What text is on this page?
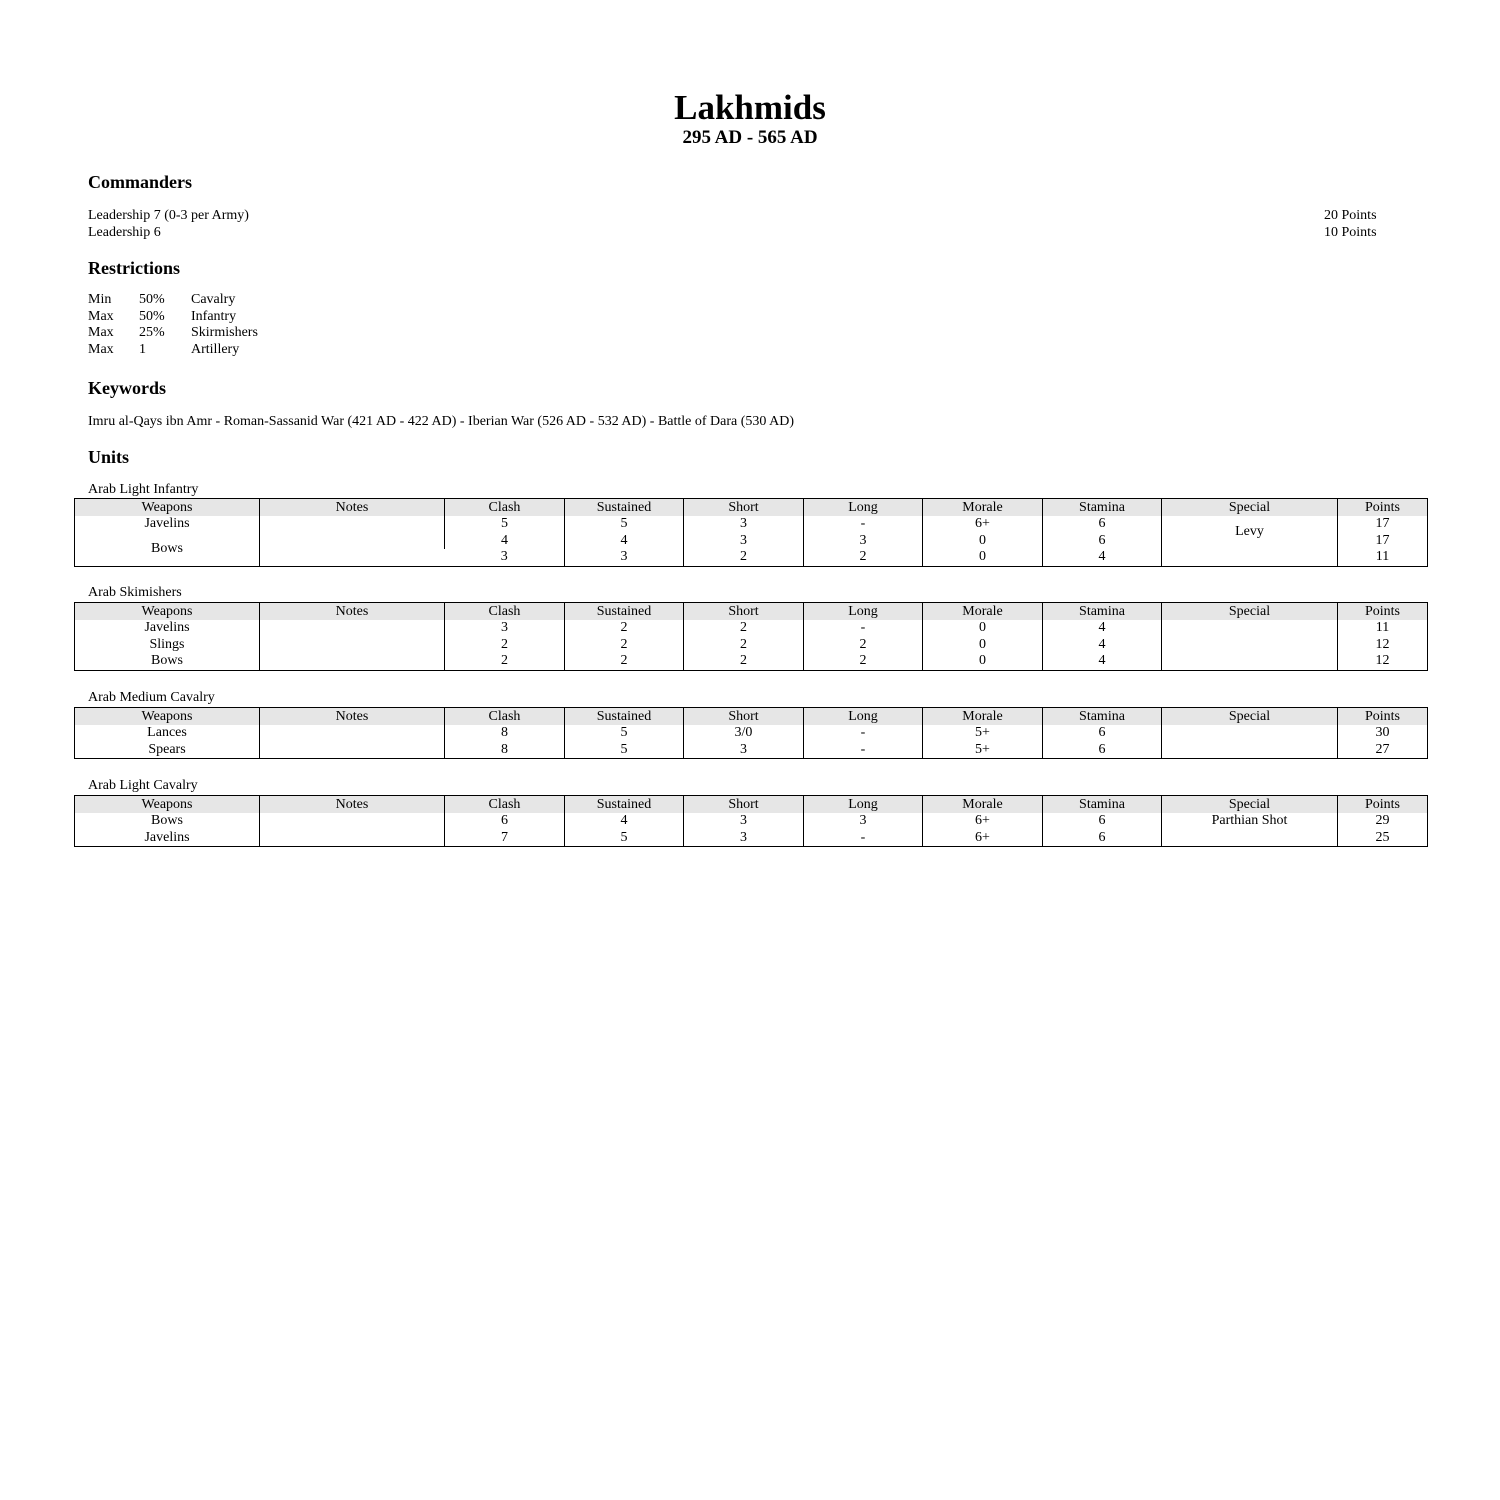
Lakhmids
295 AD - 565 AD
Commanders
Leadership 7 (0-3 per Army)	20 Points
Leadership 6	10 Points
Restrictions
Min	50%	Cavalry
Max	50%	Infantry
Max	25%	Skirmishers
Max	1	Artillery
Keywords
Imru al-Qays ibn Amr - Roman-Sassanid War (421 AD - 422 AD) - Iberian War (526 AD - 532 AD) - Battle of Dara (530 AD)
Units
Arab Light Infantry
Weapons	Notes	Clash	Sustained	Short	Long	Morale	Stamina	Special	Points
Javelins		5	5	3	-	6+	6	Levy	17
Bows		4	4	3	3	0	6		17
		3	3	2	2	0	4		11
Arab Skimishers
Weapons	Notes	Clash	Sustained	Short	Long	Morale	Stamina	Special	Points
Javelins		3	2	2	-	0	4		11
Slings		2	2	2	2	0	4		12
Bows		2	2	2	2	0	4		12
Arab Medium Cavalry
Weapons	Notes	Clash	Sustained	Short	Long	Morale	Stamina	Special	Points
Lances		8	5	3/0	-	5+	6		30
Spears		8	5	3	-	5+	6		27
Arab Light Cavalry
Weapons	Notes	Clash	Sustained	Short	Long	Morale	Stamina	Special	Points
Bows		6	4	3	3	6+	6	Parthian Shot	29
Javelins		7	5	3	-	6+	6		25
